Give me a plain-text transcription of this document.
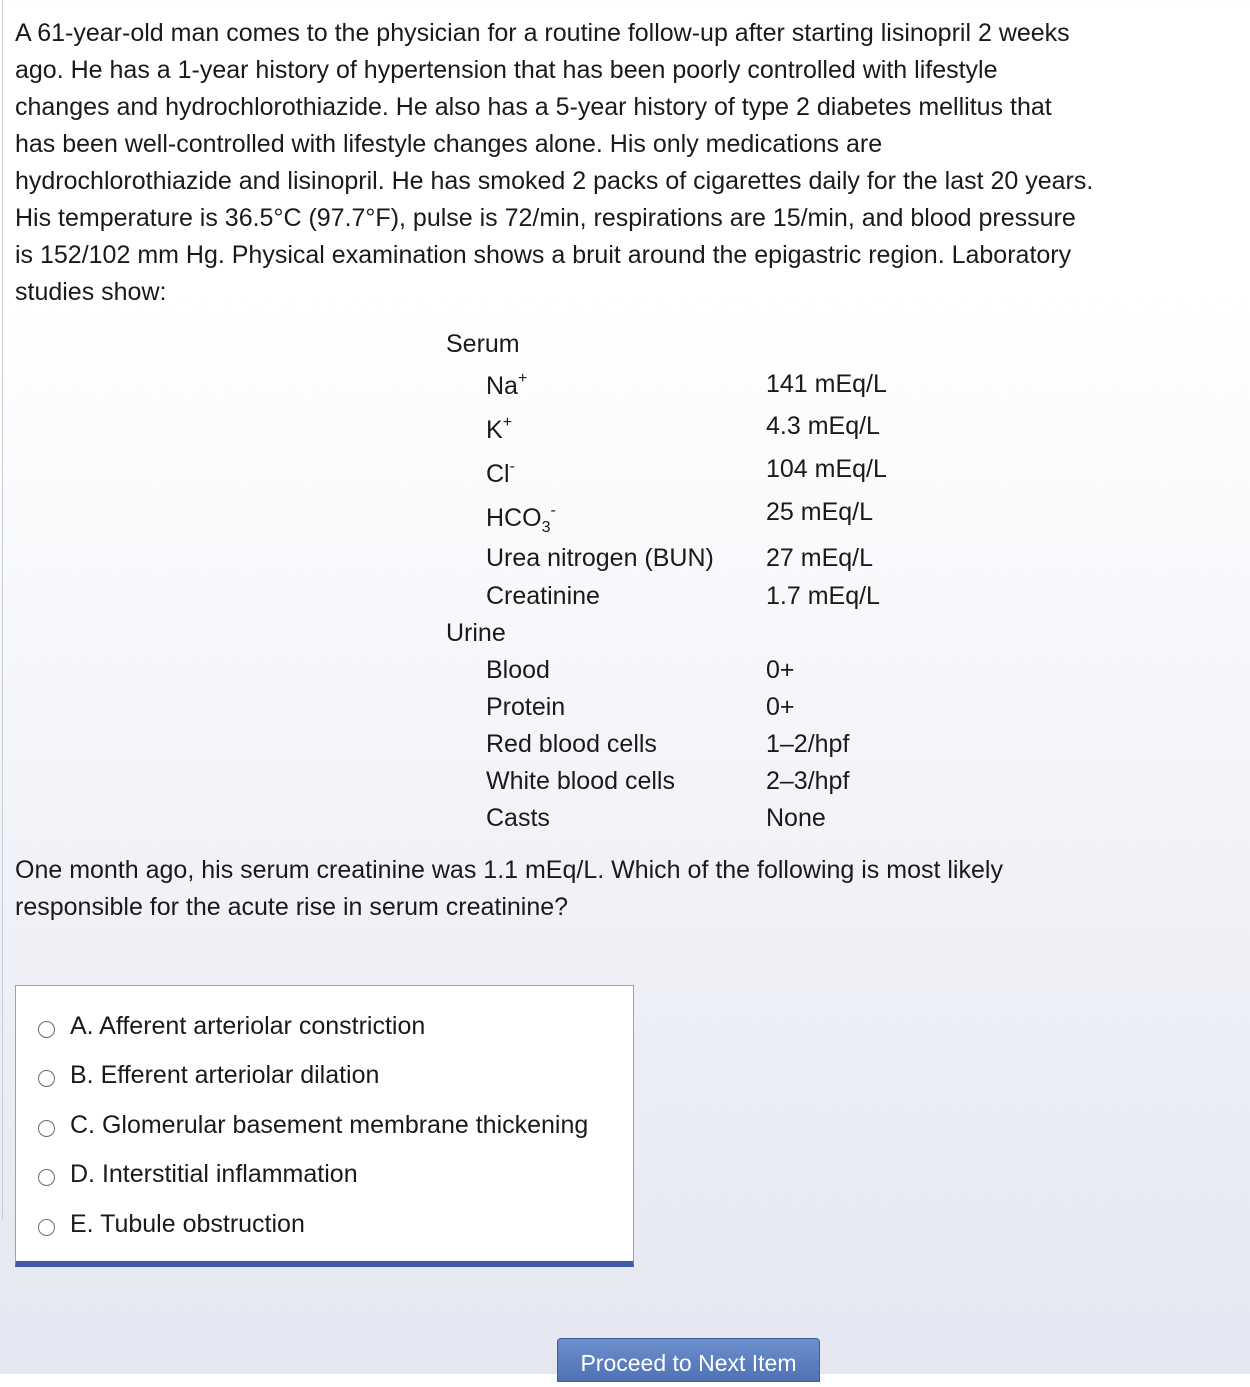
A 61-year-old man comes to the physician for a routine follow-up after starting lisinopril 2 weeks ago. He has a 1-year history of hypertension that has been poorly controlled with lifestyle changes and hydrochlorothiazide. He also has a 5-year history of type 2 diabetes mellitus that has been well-controlled with lifestyle changes alone. His only medications are hydrochlorothiazide and lisinopril. He has smoked 2 packs of cigarettes daily for the last 20 years. His temperature is 36.5°C (97.7°F), pulse is 72/min, respirations are 15/min, and blood pressure is 152/102 mm Hg. Physical examination shows a bruit around the epigastric region. Laboratory studies show:

Serum
Na+	141 mEq/L
K+	4.3 mEq/L
Cl-	104 mEq/L
$HCO_3^-$	25 mEq/L
Urea nitrogen (BUN) 27 mEq/L
Creatinine	1.7 mEq/L
Urine
Blood	0+
Protein	0+
Red blood cells	1–2/hpf
White blood cells	2–3/hpf
Casts	None

One month ago, his serum creatinine was 1.1 mEq/L. Which of the following is most likely responsible for the acute rise in serum creatinine?

A. Afferent arteriolar constriction
B. Efferent arteriolar dilation
C. Glomerular basement membrane thickening
D. Interstitial inflammation
E. Tubule obstruction
Proceed to Next Item
